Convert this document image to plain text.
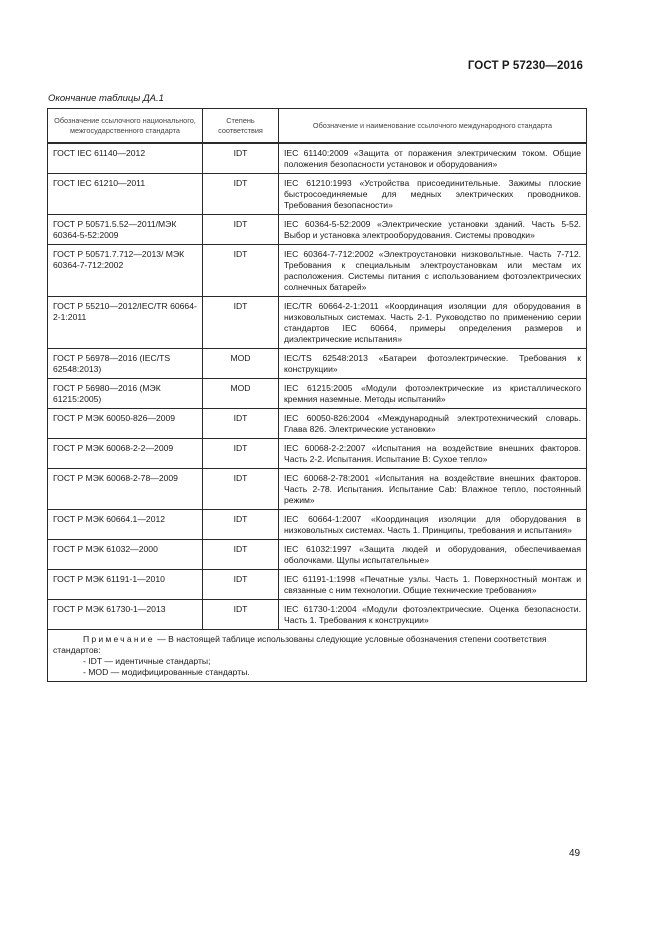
ГОСТ Р 57230—2016
Окончание таблицы ДА.1
Обозначение ссылочного национального, межгосударственного стандарта	Степень соответствия	Обозначение и наименование ссылочного международного стандарта
ГОСТ IEC 61140—2012	IDT	IEC 61140:2009 «Защита от поражения электрическим током. Общие положения безопасности установок и оборудования»
ГОСТ IEC 61210—2011	IDT	IEC 61210:1993 «Устройства присоединительные. Зажимы плоские быстросоединяемые для медных электрических проводников. Требования безопасности»
ГОСТ Р 50571.5.52—2011/МЭК 60364-5-52:2009	IDT	IEC 60364-5-52:2009 «Электрические установки зданий. Часть 5-52. Выбор и установка электрооборудования. Системы проводки»
ГОСТ Р 50571.7.712—2013/ МЭК 60364-7-712:2002	IDT	IEC 60364-7-712:2002 «Электроустановки низковольтные. Часть 7-712. Требования к специальным электроустановкам или местам их расположения. Системы питания с использованием фотоэлектрических солнечных батарей»
ГОСТ Р 55210—2012/IEC/TR 60664-2-1:2011	IDT	IEC/TR 60664-2-1:2011 «Координация изоляции для оборудования в низковольтных системах. Часть 2-1. Руководство по применению серии стандартов IEC 60664, примеры определения размеров и диэлектрические испытания»
ГОСТ Р 56978—2016 (IEC/TS 62548:2013)	MOD	IEC/TS 62548:2013 «Батареи фотоэлектрические. Требования к конструкции»
ГОСТ Р 56980—2016 (МЭК 61215:2005)	MOD	IEC 61215:2005 «Модули фотоэлектрические из кристаллического кремния наземные. Методы испытаний»
ГОСТ Р МЭК 60050-826—2009	IDT	IEC 60050-826:2004 «Международный электротехнический словарь. Глава 826. Электрические установки»
ГОСТ Р МЭК 60068-2-2—2009	IDT	IEC 60068-2-2:2007 «Испытания на воздействие внешних факторов. Часть 2-2. Испытания. Испытание В: Сухое тепло»
ГОСТ Р МЭК 60068-2-78—2009	IDT	IEC 60068-2-78:2001 «Испытания на воздействие внешних факторов. Часть 2-78. Испытания. Испытание Cab: Влажное тепло, постоянный режим»
ГОСТ Р МЭК 60664.1—2012	IDT	IEC 60664-1:2007 «Координация изоляции для оборудования в низковольтных системах. Часть 1. Принципы, требования и испытания»
ГОСТ Р МЭК 61032—2000	IDT	IEC 61032:1997 «Защита людей и оборудования, обеспечиваемая оболочками. Щупы испытательные»
ГОСТ Р МЭК 61191-1—2010	IDT	IEC 61191-1:1998 «Печатные узлы. Часть 1. Поверхностный монтаж и связанные с ним технологии. Общие технические требования»
ГОСТ Р МЭК 61730-1—2013	IDT	IEC 61730-1:2004 «Модули фотоэлектрические. Оценка безопасности. Часть 1. Требования к конструкции»

Примечание — В настоящей таблице использованы следующие условные обозначения степени соответствия стандартов:
- IDT — идентичные стандарты;
- MOD — модифицированные стандарты.		
49
